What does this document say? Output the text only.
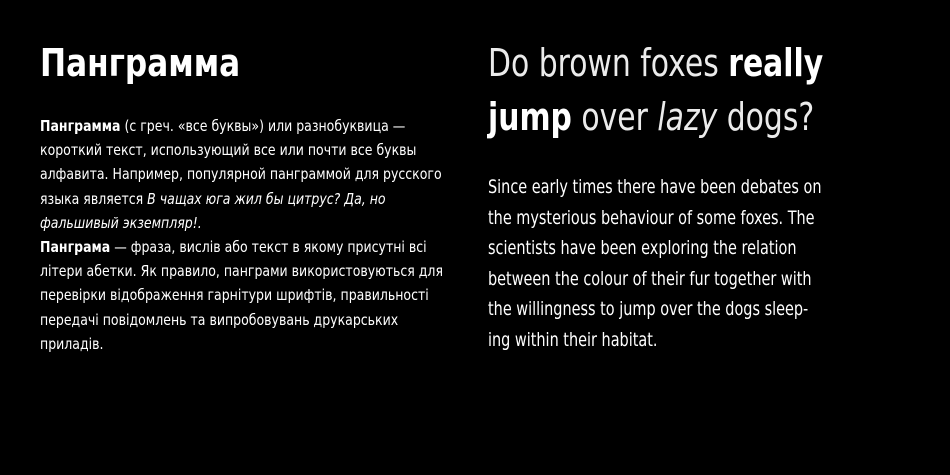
Панграмма

Панграмма (с греч. «все буквы») или разнобуквица — короткий текст, использующий все или почти все буквы алфавита. Например, популярной панграммой для русского языка является В чащах юга жил бы цитрус? Да, но фальшивый экземпляр!.

Панграма — фраза, вислів або текст в якому присутні всі літери абетки. Як правило, панграми використовуються для перевірки відображення гарнітури шрифтів, правильності передачі повідомлень та випробовувань друкарських приладів.

Do brown foxes really
jump over lazy dogs?

Since early times there have been debates on

the mysterious behaviour of some foxes. The

scientists have been exploring the relation

between the colour of their fur together with

the willingness to jump over the dogs sleep-

ing within their habitat.
